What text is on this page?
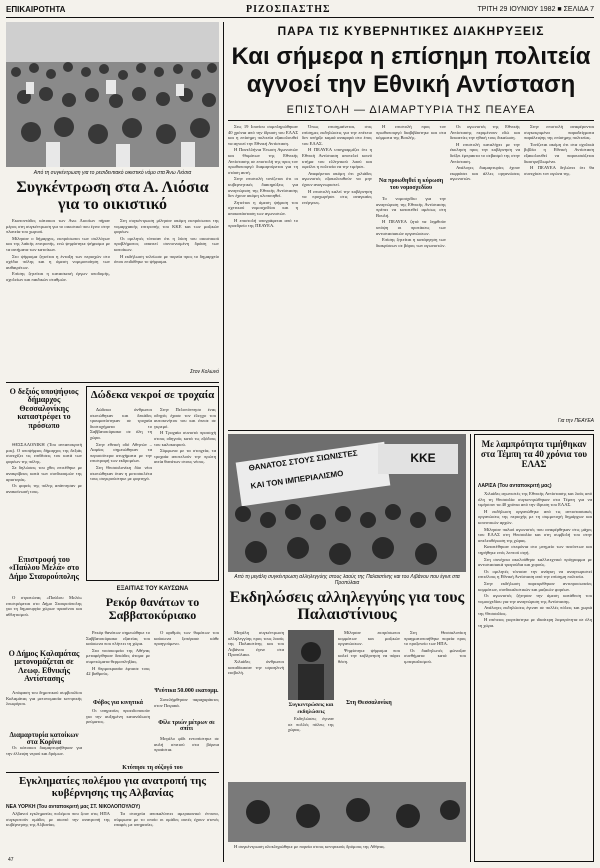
ΕΠΙΚΑΙΡΟΤΗΤΑ	ΡΙΖΟΣΠΑΣΤΗΣ	ΤΡΙΤΗ 29 ΙΟΥΝΙΟΥ 1982 ■ ΣΕΛΙΔΑ 7
Από τη συγκέντρωση για το ρεσιδεντιακό οικιστικό νόμο στα Άνω Λιόσια
Συγκέντρωση στα Α. Λιόσια για το οικιστικό

Εκατοντάδες κάτοικοι των Ανω Λιοσίων πήραν μέρος στη συγκέντρωση για το οικιστικό που έγινε στην πλατεία του χωριού.

Μίλησαν ο δήμαρχος, εκπρόσωποι των συλλόγων και της λαϊκής επιτροπής, ενώ ψηφίστηκε ψήφισμα με τα αιτήματα των κατοίκων.

Στο ψήφισμα ζητείται η ένταξη των περιοχών στο σχέδιο πόλης και η άμεση νομιμοποίηση των αυθαιρέτων.

Επίσης ζητείται η κατασκευή έργων υποδομής, σχολείων και παιδικών σταθμών.

Στη συγκέντρωση μίλησαν ακόμη εκπρόσωποι της νομαρχιακής επιτροπής του ΚΚΕ και των μαζικών φορέων.

Οι ομιλητές τόνισαν ότι η λύση του οικιστικού προβλήματος απαιτεί συντονισμένη δράση των κατοίκων.

Η εκδήλωση τελείωσε με πορεία προς το δημαρχείο όπου επιδόθηκε το ψήφισμα.

Στον Κολωνό
Ο δεξιός υποψήφιος δήμαρχος Θεσσαλονίκης καταστρέφει το πρόσωπο

ΘΕΣΣΑΛΟΝΙΚΗ (Του ανταποκριτή μας). Ο υποψήφιος δήμαρχος της δεξιάς συνεχίζει τις επιθέσεις του κατά των φορέων της πόλης.

Σε δηλώσεις του χθες επιτέθηκε με ανακρίβειες κατά των συνδυασμών της αριστεράς.

Οι φορείς της πόλης απάντησαν με ανακοίνωσή τους.

Επιστροφή του «Παύλου Μελά» στο Δήμο Σταυρούπολης

Ο στρατώνας «Παύλου Μελά» επιστρέφεται στο Δήμο Σταυρούπολης για τη δημιουργία χώρων πρασίνου και αθλητισμού.

Ο Δήμος Καλαμάτας μετονομάζεται σε Λεωφ. Εθνικής Αντίστασης

Απόφαση του δημοτικού συμβουλίου Καλαμάτας για μετονομασία κεντρικής λεωφόρου.

Διαμαρτυρία κατοίκων στα Κορίνα

Οι κάτοικοι διαμαρτυρήθηκαν για την έλλειψη νερού και δρόμων.

Δώδεκα νεκροί σε τροχαία

Δώδεκα άνθρωποι σκοτώθηκαν και δεκάδες τραυματίστηκαν σε τροχαία δυστυχήματα το Σαββατοκύριακο σε όλη τη χώρα.

Στην εθνική οδό Αθηνών – Λαμίας σημειώθηκαν τα περισσότερα ατυχήματα με την επιστροφή των εκδρομέων.

Στη Θεσσαλονίκη δύο νέοι σκοτώθηκαν όταν η μοτοσικλέτα τους συγκρούστηκε με φορτηγό.

Στην Πελοπόννησο ένας οδηγός έχασε τον έλεγχο του αυτοκινήτου του και έπεσε σε γκρεμό.

Η Τροχαία συνιστά προσοχή στους οδηγούς κατά τις εξόδους του καλοκαιριού.

Σύμφωνα με τα στοιχεία, τα τροχαία αποτελούν την πρώτη αιτία θανάτων στους νέους.

ΕΞΑΙΤΙΑΣ ΤΟΥ ΚΑΥΣΩΝΑ
Ρεκόρ θανάτων το Σαββατοκύριακο

Ρεκόρ θανάτων σημειώθηκε το Σαββατοκύριακο εξαιτίας του καύσωνα που πλήττει τη χώρα.

Στα νοσοκομεία της Αθήνας μεταφέρθηκαν δεκάδες άτομα με συμπτώματα θερμοπληξίας.

Η θερμοκρασία έφτασε τους 42 βαθμούς.

Φόβος για κινητικά

Οι υπηρεσίες προειδοποιούν για την αυξημένη κατανάλωση ρεύματος.

Ο αριθμός των θυμάτων του καύσωνα ξεπέρασε κάθε προηγούμενο.

Ψεύτικα 50.000 εκατομμ.

Συνελήφθησαν παραχαράκτες στον Πειραιά.

Φίλε τριών μέτρων σε σπίτι

Μεγάλο φίδι εντοπίστηκε σε αυλή σπιτιού στα βόρεια προάστια.

Κτύπησε τη σύζυγό του
Εγκληματίες πολέμου για ανατροπή της κυβέρνησης της Αλβανίας
ΝΕΑ ΥΟΡΚΗ (Του ανταποκριτή μας ΣΤ. ΝΙΚΟΛΟΠΟΥΛΟΥ)

Αλβανοί εγκληματίες πολέμου που ζουν στις ΗΠΑ συγκροτούν ομάδες με σκοπό την ανατροπή της κυβέρνησης της Αλβανίας.

Τα στοιχεία αποκαλύπτει αμερικανικό έντυπο, σύμφωνα με το οποίο οι ομάδες αυτές έχουν στενές επαφές με υπηρεσίες.

47
ΠΑΡΑ ΤΙΣ ΚΥΒΕΡΝΗΤΙΚΕΣ ΔΙΑΚΗΡΥΞΕΙΣ
Και σήμερα η επίσημη πολιτεία
αγνοεί την Εθνική Αντίσταση
ΕΠΙΣΤΟΛΗ — ΔΙΑΜΑΡΤΥΡΙΑ ΤΗΣ ΠΕΑΥΕΑ

Στις 19 Ιουνίου συμπληρώθηκαν 40 χρόνια από την ίδρυση του ΕΛΑΣ και η επίσημη πολιτεία εξακολουθεί να αγνοεί την Εθνική Αντίσταση.

Η Πανελλήνια Ένωση Αγωνιστών και Θυμάτων της Εθνικής Αντίστασης σε επιστολή της προς τον πρωθυπουργό διαμαρτύρεται για τη στάση αυτή.

Στην επιστολή τονίζεται ότι οι κυβερνητικές διακηρύξεις για αναγνώριση της Εθνικής Αντίστασης δεν έχουν ακόμη υλοποιηθεί.

Ζητείται η άμεση ψήφιση του σχετικού νομοσχεδίου και η αποκατάσταση των αγωνιστών.

Η επιστολή υπογράφεται από το προεδρείο της ΠΕΑΥΕΑ.

Όπως επισημαίνεται, στις επίσημες εκδηλώσεις για την επέτειο δεν υπήρξε καμιά αναφορά στο έπος του ΕΛΑΣ.

Η ΠΕΑΥΕΑ υπογραμμίζει ότι η Εθνική Αντίσταση αποτελεί κοινό κτήμα του ελληνικού λαού και οφείλει η πολιτεία να την τιμήσει.

Αναφέρεται ακόμη ότι χιλιάδες αγωνιστές εξακολουθούν να μην έχουν αναγνωριστεί.

Η επιστολή καλεί την κυβέρνηση να προχωρήσει στις αναγκαίες ενέργειες.

Να προωθηθεί η κύρωση του νομοσχεδίου

Η επιστολή προς τον πρωθυπουργό διαβιβάστηκε και στα κόμματα της Βουλής.

Το νομοσχέδιο για την αναγνώριση της Εθνικής Αντίστασης πρέπει να κατατεθεί αμέσως στη Βουλή.

Η ΠΕΑΥΕΑ ζητά να ληφθούν υπόψη οι προτάσεις των αντιστασιακών οργανώσεων.

Επίσης ζητείται η κατάργηση των διακρίσεων σε βάρος των αγωνιστών.

Οι αγωνιστές της Εθνικής Αντίστασης περιμένουν εδώ και δεκαετίες την ηθική τους δικαίωση.

Η επιστολή καταλήγει με την έκκληση προς την κυβέρνηση να δείξει έμπρακτα το σεβασμό της στην Αντίσταση.

Ανάλογες διαμαρτυρίες έχουν εκφράσει και άλλες οργανώσεις αγωνιστών.

Στην επιστολή αναφέρονται συγκεκριμένα παραδείγματα παράλειψης της επίσημης πολιτείας.

Τονίζεται ακόμη ότι στα σχολικά βιβλία η Εθνική Αντίσταση εξακολουθεί να παρουσιάζεται διαστρεβλωμένα.

Η ΠΕΑΥΕΑ δηλώνει ότι θα συνεχίσει τον αγώνα της.

Για την ΠΕΑΥΕΑ
ΘΑΝΑΤΟΣ ΣΤΟΥΣ ΣΙΩΝΙΣΤΕΣ
ΚΑΙ ΤΟΝ ΙΜΠΕΡΙΑΛΙΣΜΟ
ΚΚΕ
Από τη μεγάλη συγκέντρωση αλληλεγγύης στους λαούς της Παλαιστίνης και του Λιβάνου που έγινε στα Προπύλαια
Εκδηλώσεις αλληλεγγύης για τους Παλαιστίνιους

Μεγάλη συγκέντρωση αλληλεγγύης προς τους λαούς της Παλαιστίνης και του Λιβάνου έγινε στα Προπύλαια.

Χιλιάδες άνθρωποι καταδίκασαν την ισραηλινή εισβολή.

Συγκεντρώσεις και εκδηλώσεις

Εκδηλώσεις έγιναν σε πολλές πόλεις της χώρας.

Μίλησαν εκπρόσωποι κομμάτων και μαζικών οργανώσεων.

Ψηφίστηκε ψήφισμα που καλεί την κυβέρνηση να πάρει θέση.

Στη Θεσσαλονίκη

Στη Θεσσαλονίκη πραγματοποιήθηκε πορεία προς το προξενείο των ΗΠΑ.

Οι διαδηλωτές φώναζαν συνθήματα κατά του ιμπεριαλισμού.

Η συγκέντρωση ολοκληρώθηκε με πορεία στους κεντρικούς δρόμους της Αθήνας.

Με λαμπρότητα τιμήθηκαν στα Τέμπη τα 40 χρόνια του ΕΛΑΣ
ΛΑΡΙΣΑ (Του ανταποκριτή μας)

Χιλιάδες αγωνιστές της Εθνικής Αντίστασης και λαός από όλη τη Θεσσαλία συγκεντρώθηκαν στα Τέμπη για να τιμήσουν τα 40 χρόνια από την ίδρυση του ΕΛΑΣ.

Η εκδήλωση οργανώθηκε από τις αντιστασιακές οργανώσεις της περιοχής με τη συμμετοχή δημάρχων και κοινοτικών αρχών.

Μίλησαν παλιοί αγωνιστές που αναφέρθηκαν στις μάχες του ΕΛΑΣ στη Θεσσαλία και στη συμβολή του στην απελευθέρωση της χώρας.

Κατατέθηκαν στεφάνια στο μνημείο των πεσόντων και τηρήθηκε ενός λεπτού σιγή.

Στη συνέχεια ακολούθησε καλλιτεχνικό πρόγραμμα με αντιστασιακά τραγούδια και χορούς.

Οι ομιλητές τόνισαν την ανάγκη να αναγνωριστεί επιτέλους η Εθνική Αντίσταση από την επίσημη πολιτεία.

Στην εκδήλωση παρευρέθηκαν αντιπροσωπείες κομμάτων, συνδικαλιστικών και μαζικών φορέων.

Οι αγωνιστές ζήτησαν την άμεση κατάθεση του νομοσχεδίου για την αναγνώριση της Αντίστασης.

Ανάλογες εκδηλώσεις έγιναν σε πολλές πόλεις και χωριά της Θεσσαλίας.

Η επέτειος γιορτάστηκε με ιδιαίτερη λαμπρότητα σε όλη τη χώρα.
